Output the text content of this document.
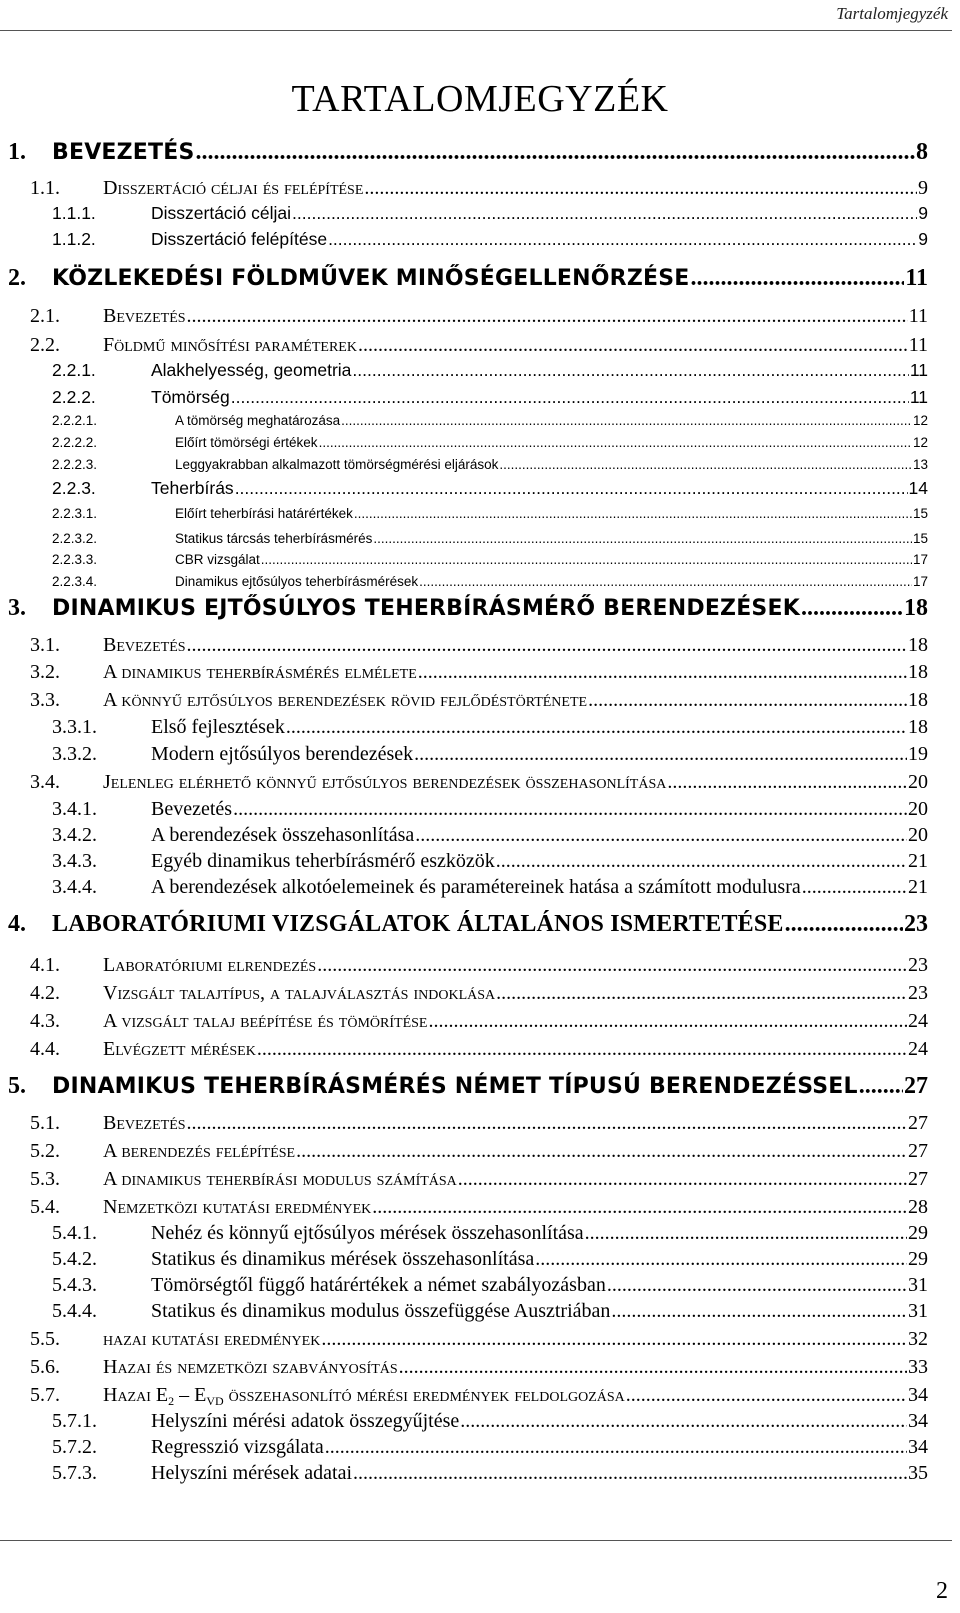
Tartalomjegyzék
TARTALOMJEGYZÉK
1. BEVEZETÉS .....	8
1.1. Disszertáció céljai és felépítése .....	9
1.1.1.	Disszertáció céljai .....	9
1.1.2.	Disszertáció felépítése .....	9
2. KÖZLEKEDÉSI FÖLDMŰVEK MINŐSÉGELLENŐRZÉSE .....	11
2.1. Bevezetés .....	11
2.2. Földmű minősítési paraméterek .....	11
2.2.1.	Alakhelyesség, geometria .....	11
2.2.2.	Tömörség .....	11
2.2.2.1.	A tömörség meghatározása .....	12
2.2.2.2.	Előírt tömörségi értékek .....	12
2.2.2.3.	Leggyakrabban alkalmazott tömörségmérési eljárások .....	13
2.2.3.	Teherbírás .....	14
2.2.3.1.	Előírt teherbírási határértékek .....	15
2.2.3.2.	Statikus tárcsás teherbírásmérés .....	15
2.2.3.3.	CBR vizsgálat .....	17
2.2.3.4.	Dinamikus ejtősúlyos teherbírásmérések .....	17
3. DINAMIKUS EJTŐSÚLYOS TEHERBÍRÁSMÉRŐ BERENDEZÉSEK .....	18
3.1. Bevezetés .....	18
3.2. A dinamikus teherbírásmérés elmélete .....	18
3.3. A könnyű ejtősúlyos berendezések rövid fejlődéstörténete .....	18
3.3.1.	Első fejlesztések .....	18
3.3.2.	Modern ejtősúlyos berendezések .....	19
3.4. Jelenleg elérhető könnyű ejtősúlyos berendezések összehasonlítása .....	20
3.4.1.	Bevezetés .....	20
3.4.2.	A berendezések összehasonlítása .....	20
3.4.3.	Egyéb dinamikus teherbírásmérő eszközök .....	21
3.4.4.	A berendezések alkotóelemeinek és paramétereinek hatása a számított modulusra .....	21
4. LABORATÓRIUMI VIZSGÁLATOK ÁLTALÁNOS ISMERTETÉSE .....	23
4.1. Laboratóriumi elrendezés .....	23
4.2. Vizsgált talajtípus, a talajválasztás indoklása .....	23
4.3. A vizsgált talaj beépítése és tömörítése .....	24
4.4. Elvégzett mérések .....	24
5. DINAMIKUS TEHERBÍRÁSMÉRÉS NÉMET TÍPUSÚ BERENDEZÉSSEL ..... 27
5.1. Bevezetés .....	27
5.2. A berendezés felépítése .....	27
5.3. A dinamikus teherbírási modulus számítása .....	27
5.4. Nemzetközi kutatási eredmények .....	28
5.4.1.	Nehéz és könnyű ejtősúlyos mérések összehasonlítása .....	29
5.4.2.	Statikus és dinamikus mérések összehasonlítása .....	29
5.4.3.	Tömörségtől függő határértékek a német szabályozásban .....	31
5.4.4.	Statikus és dinamikus modulus összefüggése Ausztriában .....	31
5.5. hazai kutatási eredmények .....	32
5.6. Hazai és nemzetközi szabványosítás .....	33
5.7. Hazai $E_2 - E_{VD}$ összehasonlító mérési eredmények feldolgozása .....	34
5.7.1.	Helyszíni mérési adatok összegyűjtése .....	34
5.7.2.	Regresszió vizsgálata .....	34
5.7.3.	Helyszíni mérések adatai .....	35
2
